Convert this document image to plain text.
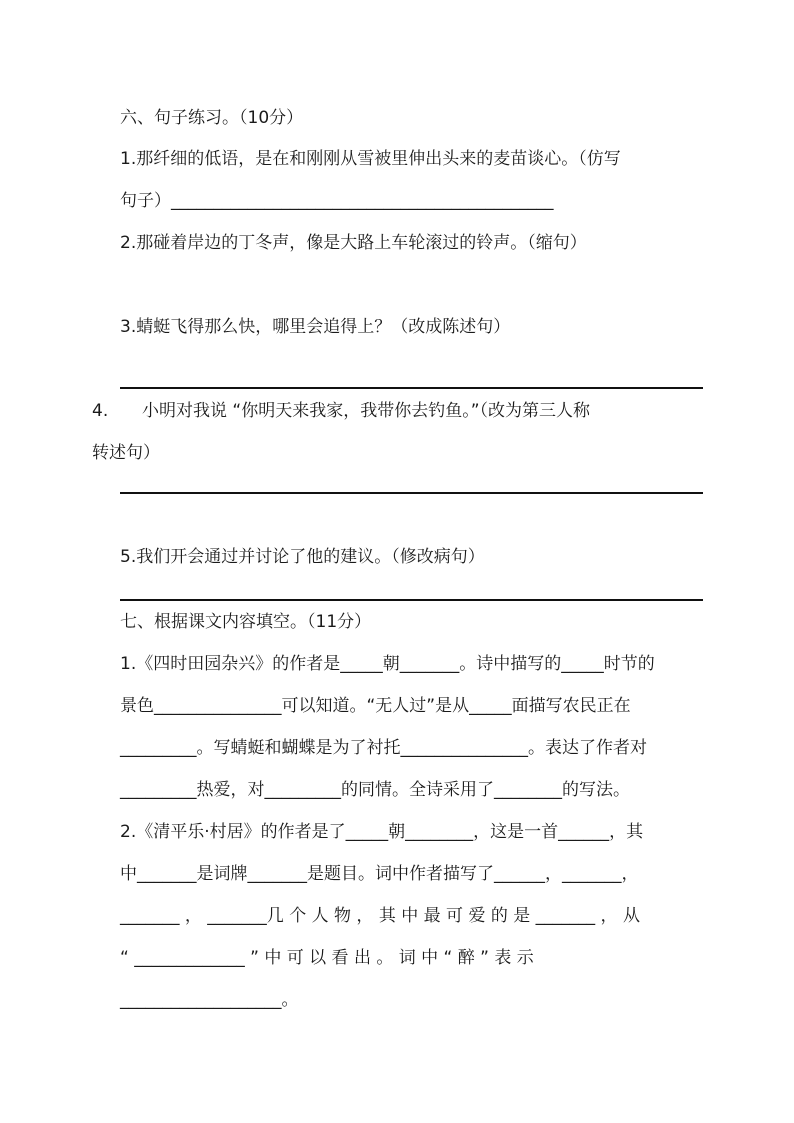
六、句子练习。（10分）
1.那纤细的低语，是在和刚刚从雪被里伸出头来的麦苗谈心。（仿写
句子）_____________________________________________
2.那碰着岸边的丁冬声，像是大路上车轮滚过的铃声。（缩句）
3.蜻蜓飞得那么快，哪里会追得上？（改成陈述句）
4. 小明对我说 “你明天来我家，我带你去钓鱼。”（改为第三人称
转述句）
5.我们开会通过并讨论了他的建议。（修改病句）
七、根据课文内容填空。（11分）
1.《四时田园杂兴》的作者是_____朝_______。诗中描写的_____时节的
景色_______________可以知道。“无人过”是从_____面描写农民正在
_________。写蜻蜓和蝴蝶是为了衬托_______________。表达了作者对
_________热爱，对_________的同情。全诗采用了________的写法。
2.《清平乐·村居》的作者是了_____朝________，这是一首______，其
中_______是词牌_______是题目。词中作者描写了______，_______，
_______ ， _______几 个 人 物 ， 其 中 最 可 爱 的 是 _______ ， 从
“ _____________ ” 中 可 以 看 出 。 词 中 “ 醉 ” 表 示
___________________。
